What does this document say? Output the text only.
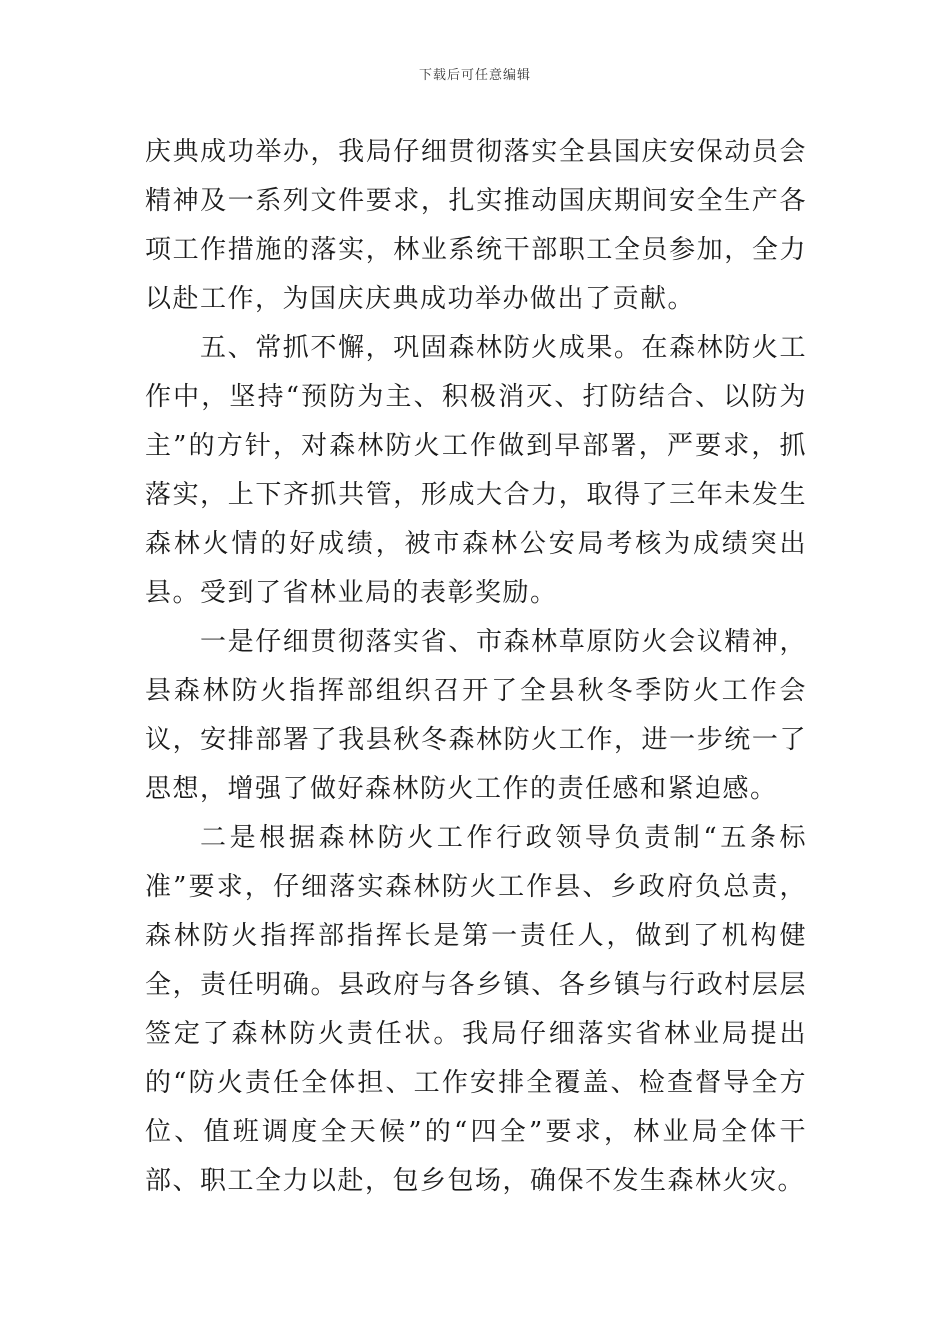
下载后可任意编辑

庆典成功举办，我局仔细贯彻落实全县国庆安保动员会精神及一系列文件要求，扎实推动国庆期间安全生产各项工作措施的落实，林业系统干部职工全员参加，全力以赴工作，为国庆庆典成功举办做出了贡献。

五、常抓不懈，巩固森林防火成果。在森林防火工作中，坚持“预防为主、积极消灭、打防结合、以防为主”的方针，对森林防火工作做到早部署，严要求，抓落实，上下齐抓共管，形成大合力，取得了三年未发生森林火情的好成绩，被市森林公安局考核为成绩突出县。受到了省林业局的表彰奖励。

一是仔细贯彻落实省、市森林草原防火会议精神，县森林防火指挥部组织召开了全县秋冬季防火工作会议，安排部署了我县秋冬森林防火工作，进一步统一了思想，增强了做好森林防火工作的责任感和紧迫感。

二是根据森林防火工作行政领导负责制“五条标准”要求，仔细落实森林防火工作县、乡政府负总责，森林防火指挥部指挥长是第一责任人，做到了机构健全，责任明确。县政府与各乡镇、各乡镇与行政村层层签定了森林防火责任状。我局仔细落实省林业局提出的“防火责任全体担、工作安排全覆盖、检查督导全方位、值班调度全天候”的“四全”要求，林业局全体干部、职工全力以赴，包乡包场，确保不发生森林火灾。
